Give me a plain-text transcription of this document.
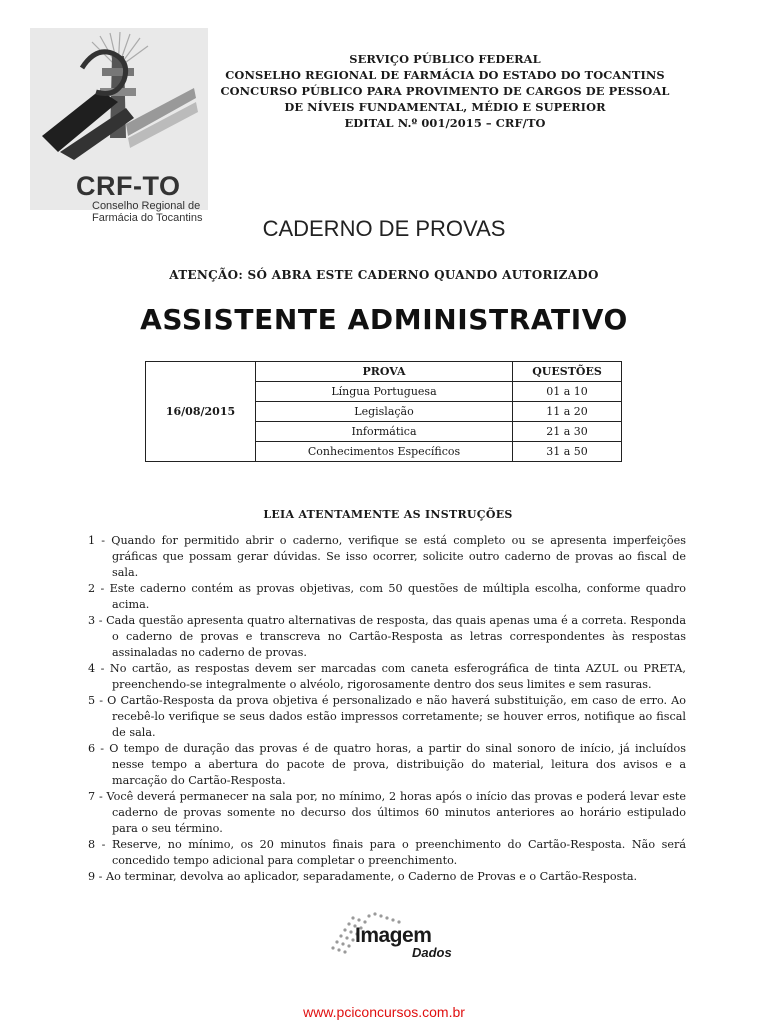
CRF-TO
Conselho Regional de
Farmácia do Tocantins
SERVIÇO PÚBLICO FEDERAL
CONSELHO REGIONAL DE FARMÁCIA DO ESTADO DO TOCANTINS
CONCURSO PÚBLICO PARA PROVIMENTO DE CARGOS DE PESSOAL
DE NÍVEIS FUNDAMENTAL, MÉDIO E SUPERIOR
EDITAL N.º 001/2015 – CRF/TO
CADERNO DE PROVAS
ATENÇÃO: SÓ ABRA ESTE CADERNO QUANDO AUTORIZADO
ASSISTENTE ADMINISTRATIVO
16/08/2015	PROVA	QUESTÕES
	Língua Portuguesa	01 a 10
	Legislação	11 a 20
	Informática	21 a 30
	Conhecimentos Específicos	31 a 50
LEIA ATENTAMENTE AS INSTRUÇÕES
1 - Quando for permitido abrir o caderno, verifique se está completo ou se apresenta imperfeições gráficas que possam gerar dúvidas. Se isso ocorrer, solicite outro caderno de provas ao fiscal de sala.
2 - Este caderno contém as provas objetivas, com 50 questões de múltipla escolha, conforme quadro acima.
3 - Cada questão apresenta quatro alternativas de resposta, das quais apenas uma é a correta. Responda o caderno de provas e transcreva no Cartão-Resposta as letras correspondentes às respostas assinaladas no caderno de provas.
4 - No cartão, as respostas devem ser marcadas com caneta esferográfica de tinta AZUL ou PRETA, preenchendo-se integralmente o alvéolo, rigorosamente dentro dos seus limites e sem rasuras.
5 - O Cartão-Resposta da prova objetiva é personalizado e não haverá substituição, em caso de erro. Ao recebê-lo verifique se seus dados estão impressos corretamente; se houver erros, notifique ao fiscal de sala.
6 - O tempo de duração das provas é de quatro horas, a partir do sinal sonoro de início, já incluídos nesse tempo a abertura do pacote de prova, distribuição do material, leitura dos avisos e a marcação do Cartão-Resposta.
7 - Você deverá permanecer na sala por, no mínimo, 2 horas após o início das provas e poderá levar este caderno de provas somente no decurso dos últimos 60 minutos anteriores ao horário estipulado para o seu término.
8 - Reserve, no mínimo, os 20 minutos finais para o preenchimento do Cartão-Resposta. Não será concedido tempo adicional para completar o preenchimento.
9 - Ao terminar, devolva ao aplicador, separadamente, o Caderno de Provas e o Cartão-Resposta.
Imagem
Dados
www.pciconcursos.com.br
